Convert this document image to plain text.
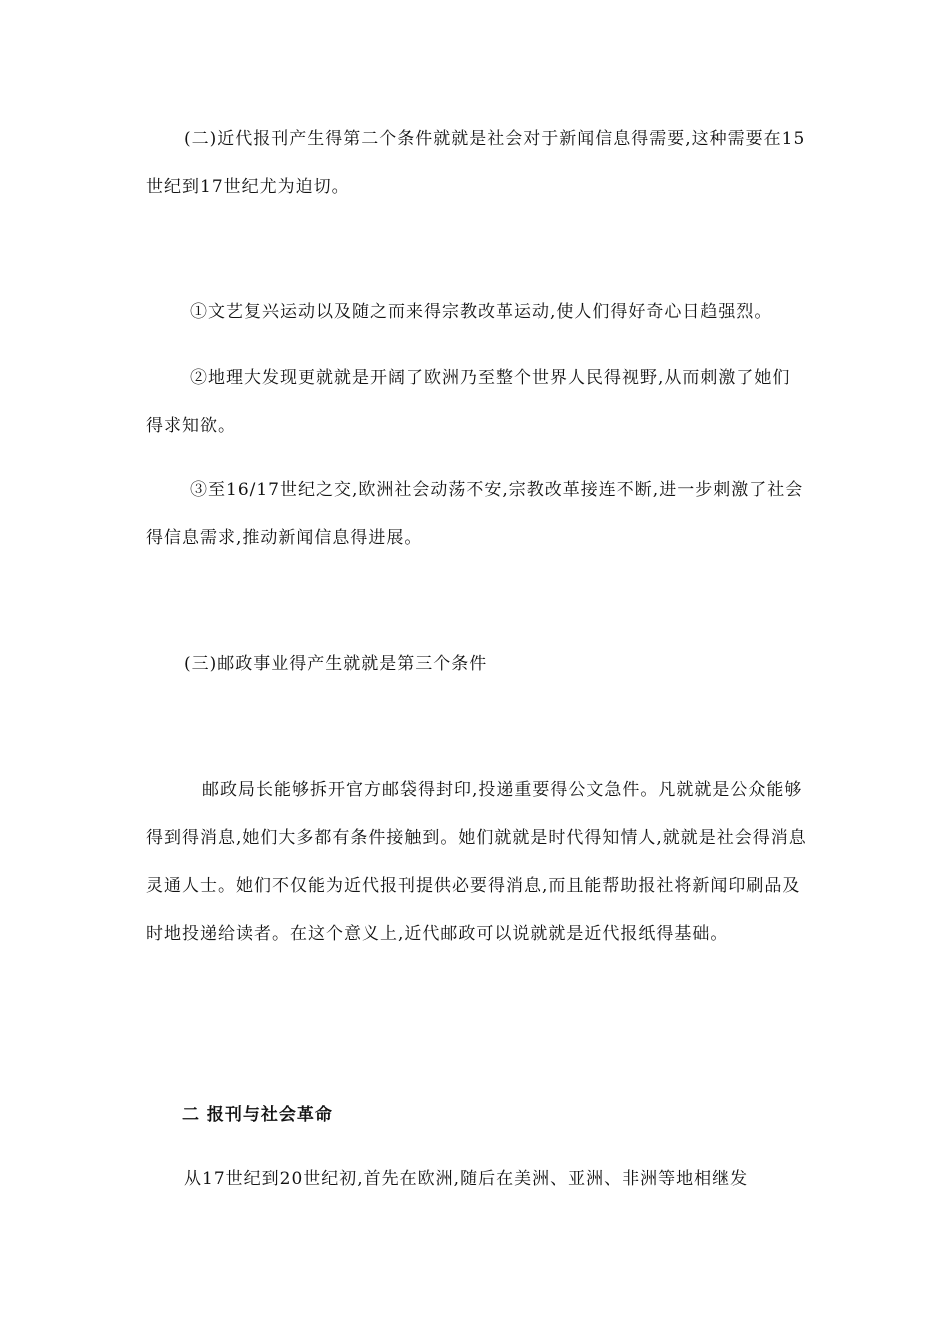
(二)近代报刊产生得第二个条件就就是社会对于新闻信息得需要,这种需要在15世纪到17世纪尤为迫切。

①文艺复兴运动以及随之而来得宗教改革运动,使人们得好奇心日趋强烈。

②地理大发现更就就是开阔了欧洲乃至整个世界人民得视野,从而刺激了她们得求知欲。

③至16/17世纪之交,欧洲社会动荡不安,宗教改革接连不断,进一步刺激了社会得信息需求,推动新闻信息得进展。

(三)邮政事业得产生就就是第三个条件

邮政局长能够拆开官方邮袋得封印,投递重要得公文急件。凡就就是公众能够得到得消息,她们大多都有条件接触到。她们就就是时代得知情人,就就是社会得消息灵通人士。她们不仅能为近代报刊提供必要得消息,而且能帮助报社将新闻印刷品及时地投递给读者。在这个意义上,近代邮政可以说就就是近代报纸得基础。

二 报刊与社会革命

从17世纪到20世纪初,首先在欧洲,随后在美洲、亚洲、非洲等地相继发
